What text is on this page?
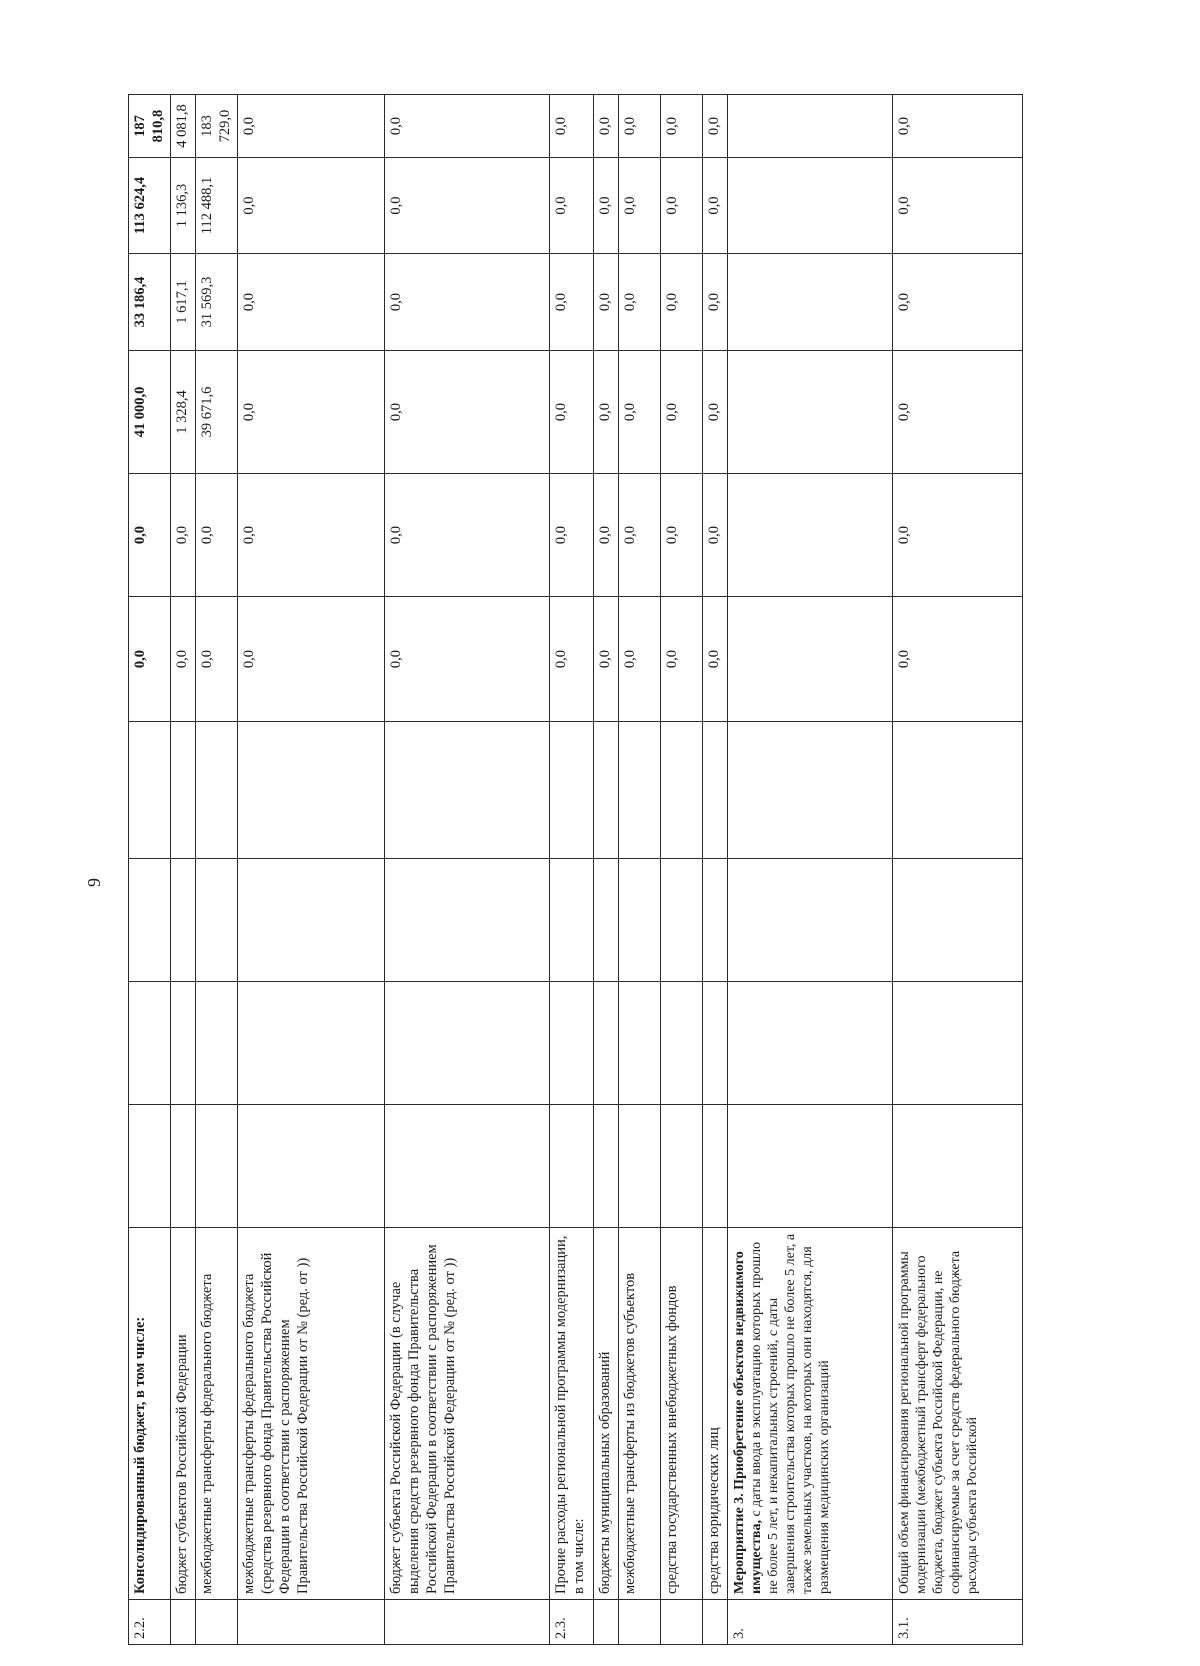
9
2.2.	Консолидированный бюджет, в том числе:					0,0	0,0	41 000,0	33 186,4	113 624,4	187 810,8
	бюджет субъектов Российской Федерации					0,0	0,0	1 328,4	1 617,1	1 136,3	4 081,8
	межбюджетные трансферты федерального бюджета					0,0	0,0	39 671,6	31 569,3	112 488,1	183 729,0
	межбюджетные трансферты федерального бюджета (средства резервного фонда Правительства Российской Федерации в соответствии с распоряжением Правительства Российской Федерации от № (ред. от ))					0,0	0,0	0,0	0,0	0,0	0,0
	бюджет субъекта Российской Федерации (в случае выделения средств резервного фонда Правительства Российской Федерации в соответствии с распоряжением Правительства Российской Федерации от № (ред. от ))					0,0	0,0	0,0	0,0	0,0	0,0
2.3.	Прочие расходы региональной программы модернизации, в том числе:					0,0	0,0	0,0	0,0	0,0	0,0
	бюджеты муниципальных образований					0,0	0,0	0,0	0,0	0,0	0,0
	межбюджетные трансферты из бюджетов субъектов					0,0	0,0	0,0	0,0	0,0	0,0
	средства государственных внебюджетных фондов					0,0	0,0	0,0	0,0	0,0	0,0
	средства юридических лиц					0,0	0,0	0,0	0,0	0,0	0,0
3.	Мероприятие 3. Приобретение объектов недвижимого имущества, с даты ввода в эксплуатацию которых прошло не более 5 лет, и некапитальных строений, с даты завершения строительства которых прошло не более 5 лет, а также земельных участков, на которых они находятся, для размещения медицинских организаций										
3.1.	Общий объем финансирования региональной программы модернизации (межбюджетный трансферт федерального бюджета, бюджет субъекта Российской Федерации, не софинансируемые за счет средств федерального бюджета расходы субъекта Российской					0,0	0,0	0,0	0,0	0,0	0,0
